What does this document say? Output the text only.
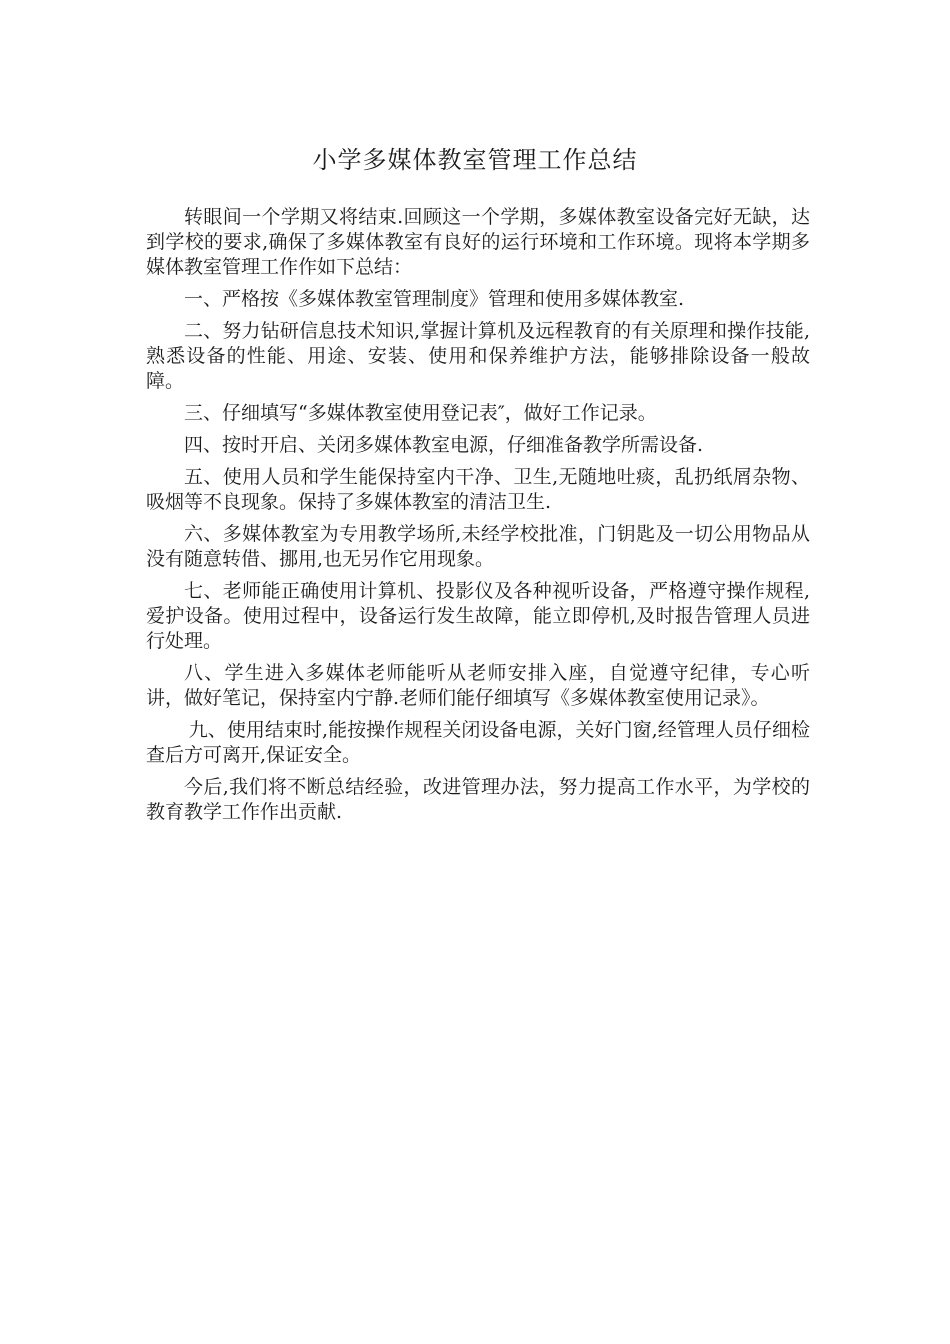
小学多媒体教室管理工作总结

转眼间一个学期又将结束.回顾这一个学期，多媒体教室设备完好无缺，达到学校的要求,确保了多媒体教室有良好的运行环境和工作环境。现将本学期多媒体教室管理工作作如下总结：

一、严格按《多媒体教室管理制度》管理和使用多媒体教室.

二、努力钻研信息技术知识,掌握计算机及远程教育的有关原理和操作技能,熟悉设备的性能、用途、安装、使用和保养维护方法，能够排除设备一般故障。

三、仔细填写“多媒体教室使用登记表″，做好工作记录。

四、按时开启、关闭多媒体教室电源，仔细准备教学所需设备.

五、使用人员和学生能保持室内干净、卫生,无随地吐痰，乱扔纸屑杂物、吸烟等不良现象。保持了多媒体教室的清洁卫生.

六、多媒体教室为专用教学场所,未经学校批准，门钥匙及一切公用物品从没有随意转借、挪用,也无另作它用现象。

七、老师能正确使用计算机、投影仪及各种视听设备，严格遵守操作规程,爱护设备。使用过程中，设备运行发生故障，能立即停机,及时报告管理人员进行处理。

八、学生进入多媒体老师能听从老师安排入座，自觉遵守纪律，专心听讲，做好笔记，保持室内宁静.老师们能仔细填写《多媒体教室使用记录》。

九、使用结束时,能按操作规程关闭设备电源，关好门窗,经管理人员仔细检查后方可离开,保证安全。

今后,我们将不断总结经验，改进管理办法，努力提高工作水平，为学校的教育教学工作作出贡献.
